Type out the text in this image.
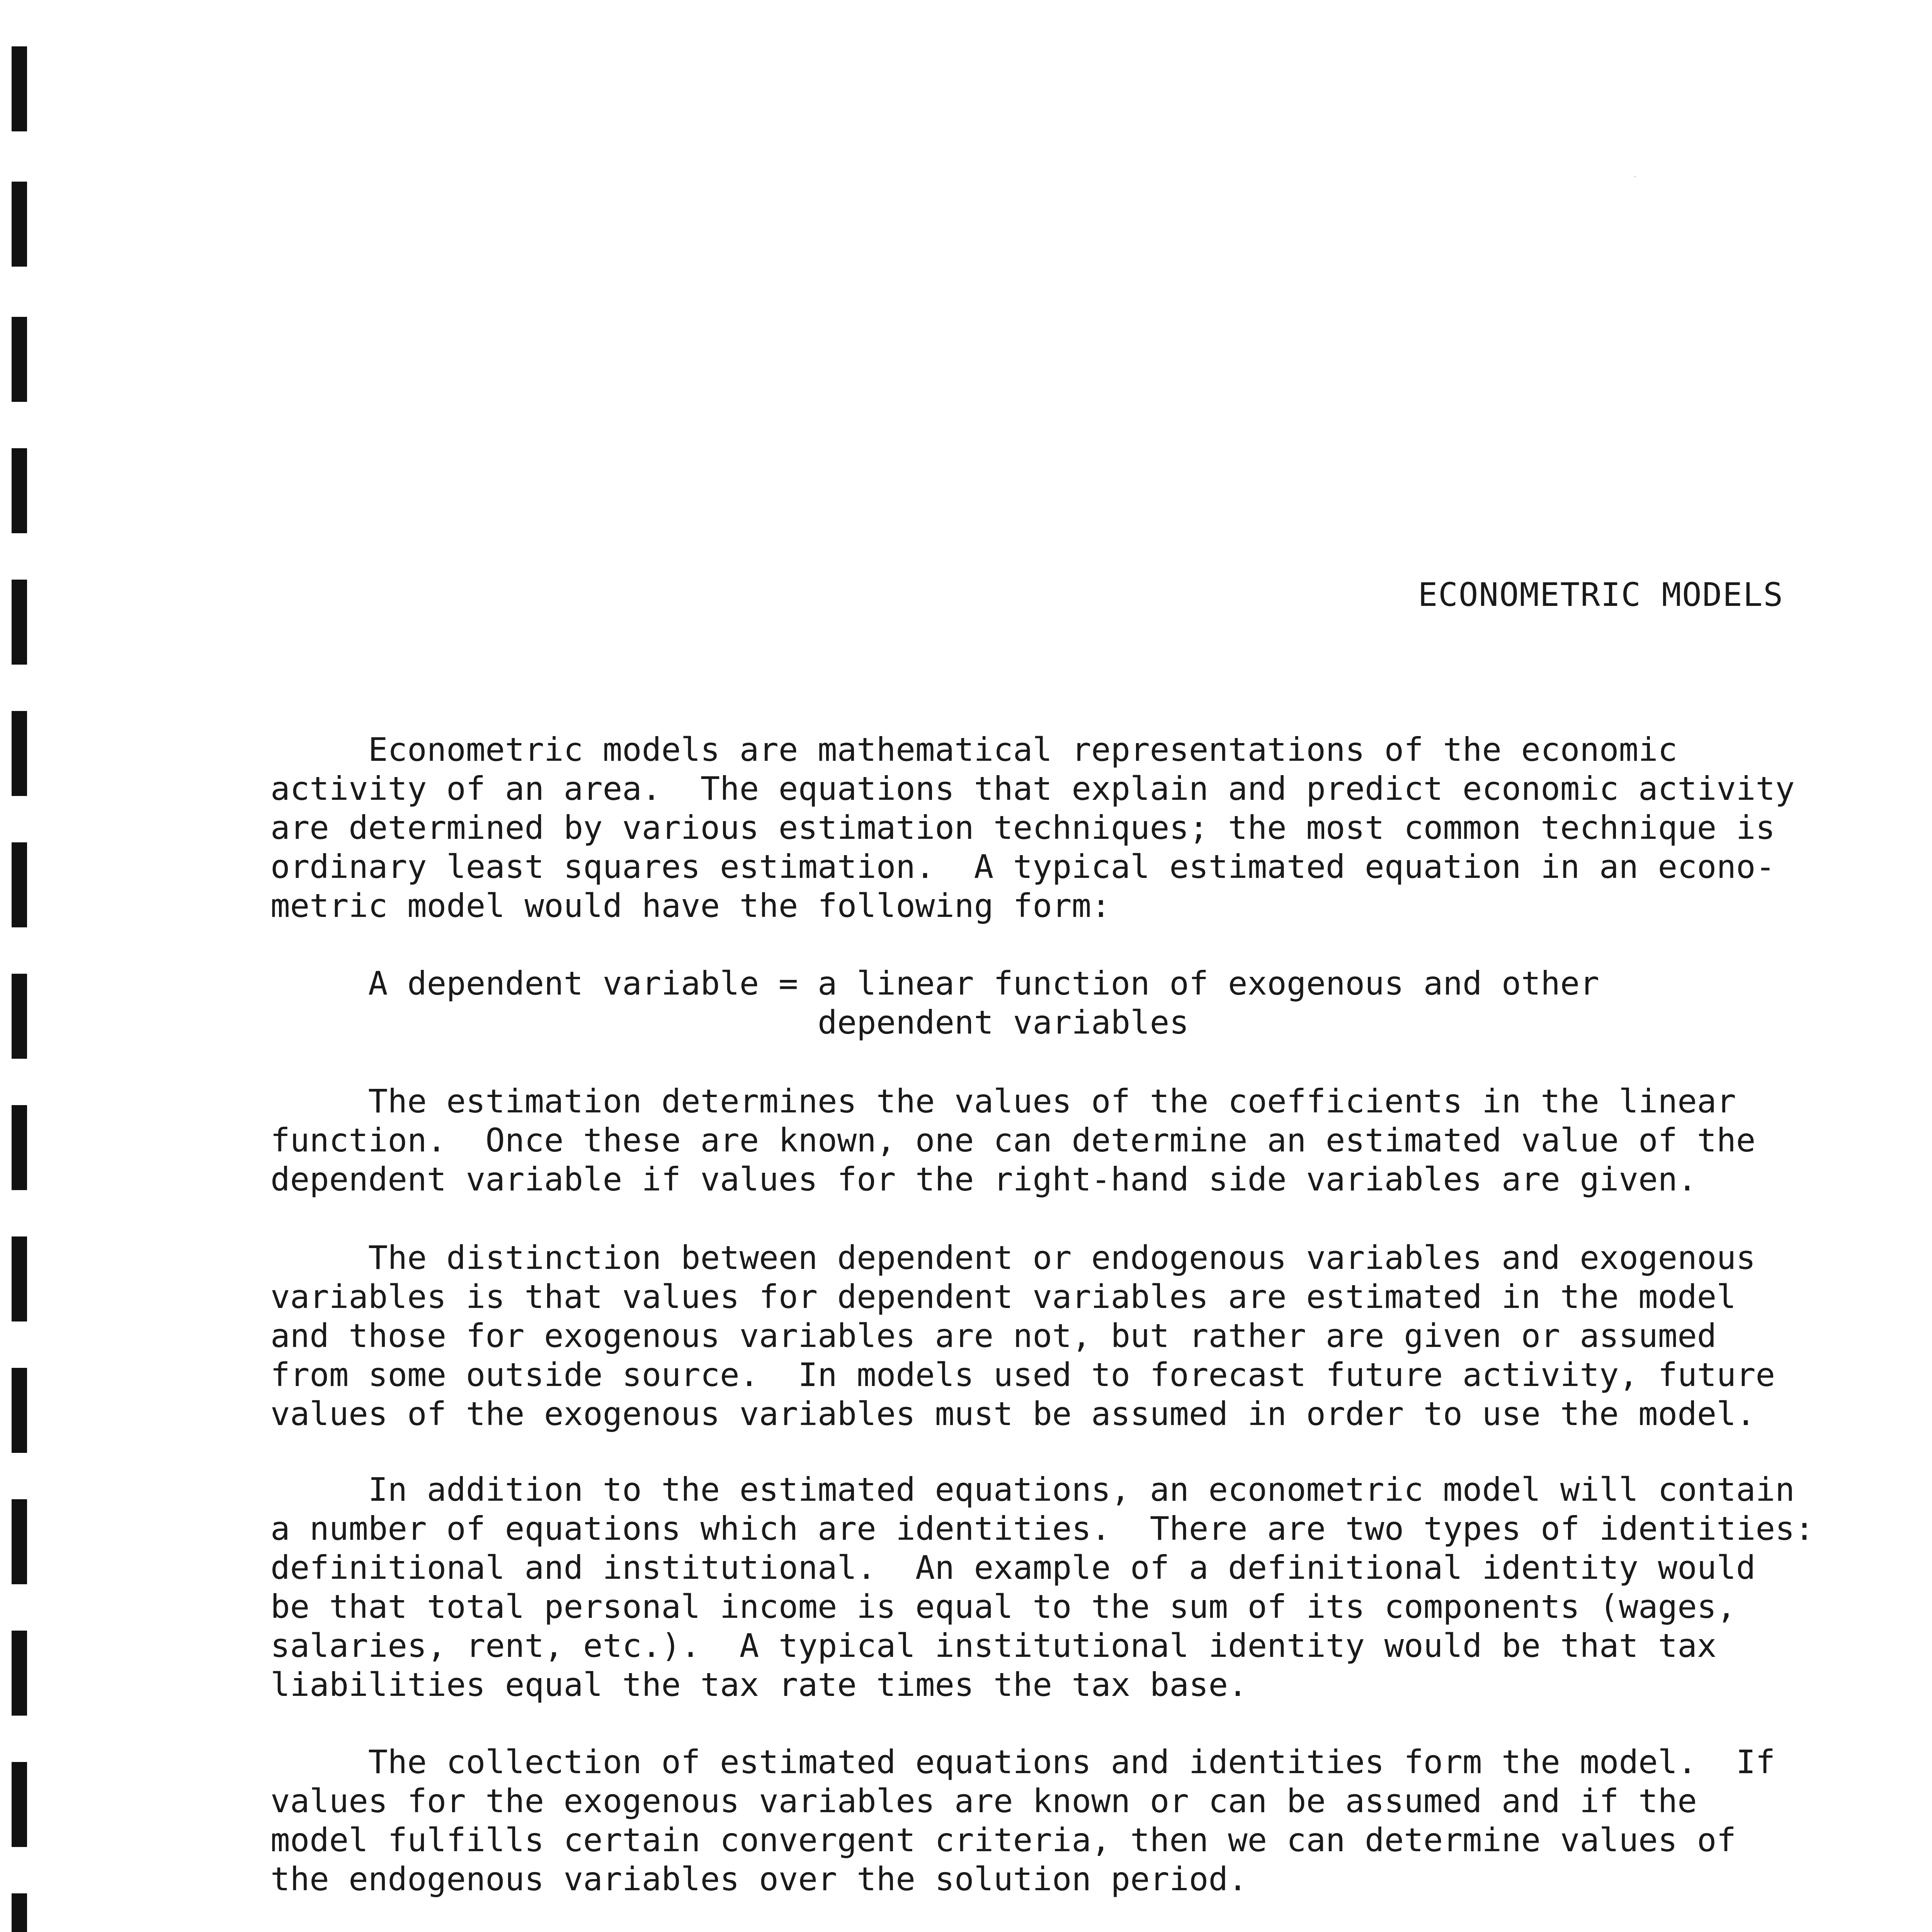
ECONOMETRIC MODELS
Econometric models are mathematical representations of the economic
activity of an area.  The equations that explain and predict economic activity
are determined by various estimation techniques; the most common technique is
ordinary least squares estimation.  A typical estimated equation in an econo-
metric model would have the following form:
A dependent variable = a linear function of exogenous and other
dependent variables
The estimation determines the values of the coefficients in the linear
function.  Once these are known, one can determine an estimated value of the
dependent variable if values for the right-hand side variables are given.
The distinction between dependent or endogenous variables and exogenous
variables is that values for dependent variables are estimated in the model
and those for exogenous variables are not, but rather are given or assumed
from some outside source.  In models used to forecast future activity, future
values of the exogenous variables must be assumed in order to use the model.
In addition to the estimated equations, an econometric model will contain
a number of equations which are identities.  There are two types of identities:
definitional and institutional.  An example of a definitional identity would
be that total personal income is equal to the sum of its components (wages,
salaries, rent, etc.).  A typical institutional identity would be that tax
liabilities equal the tax rate times the tax base.
The collection of estimated equations and identities form the model.  If
values for the exogenous variables are known or can be assumed and if the
model fulfills certain convergent criteria, then we can determine values of
the endogenous variables over the solution period.
